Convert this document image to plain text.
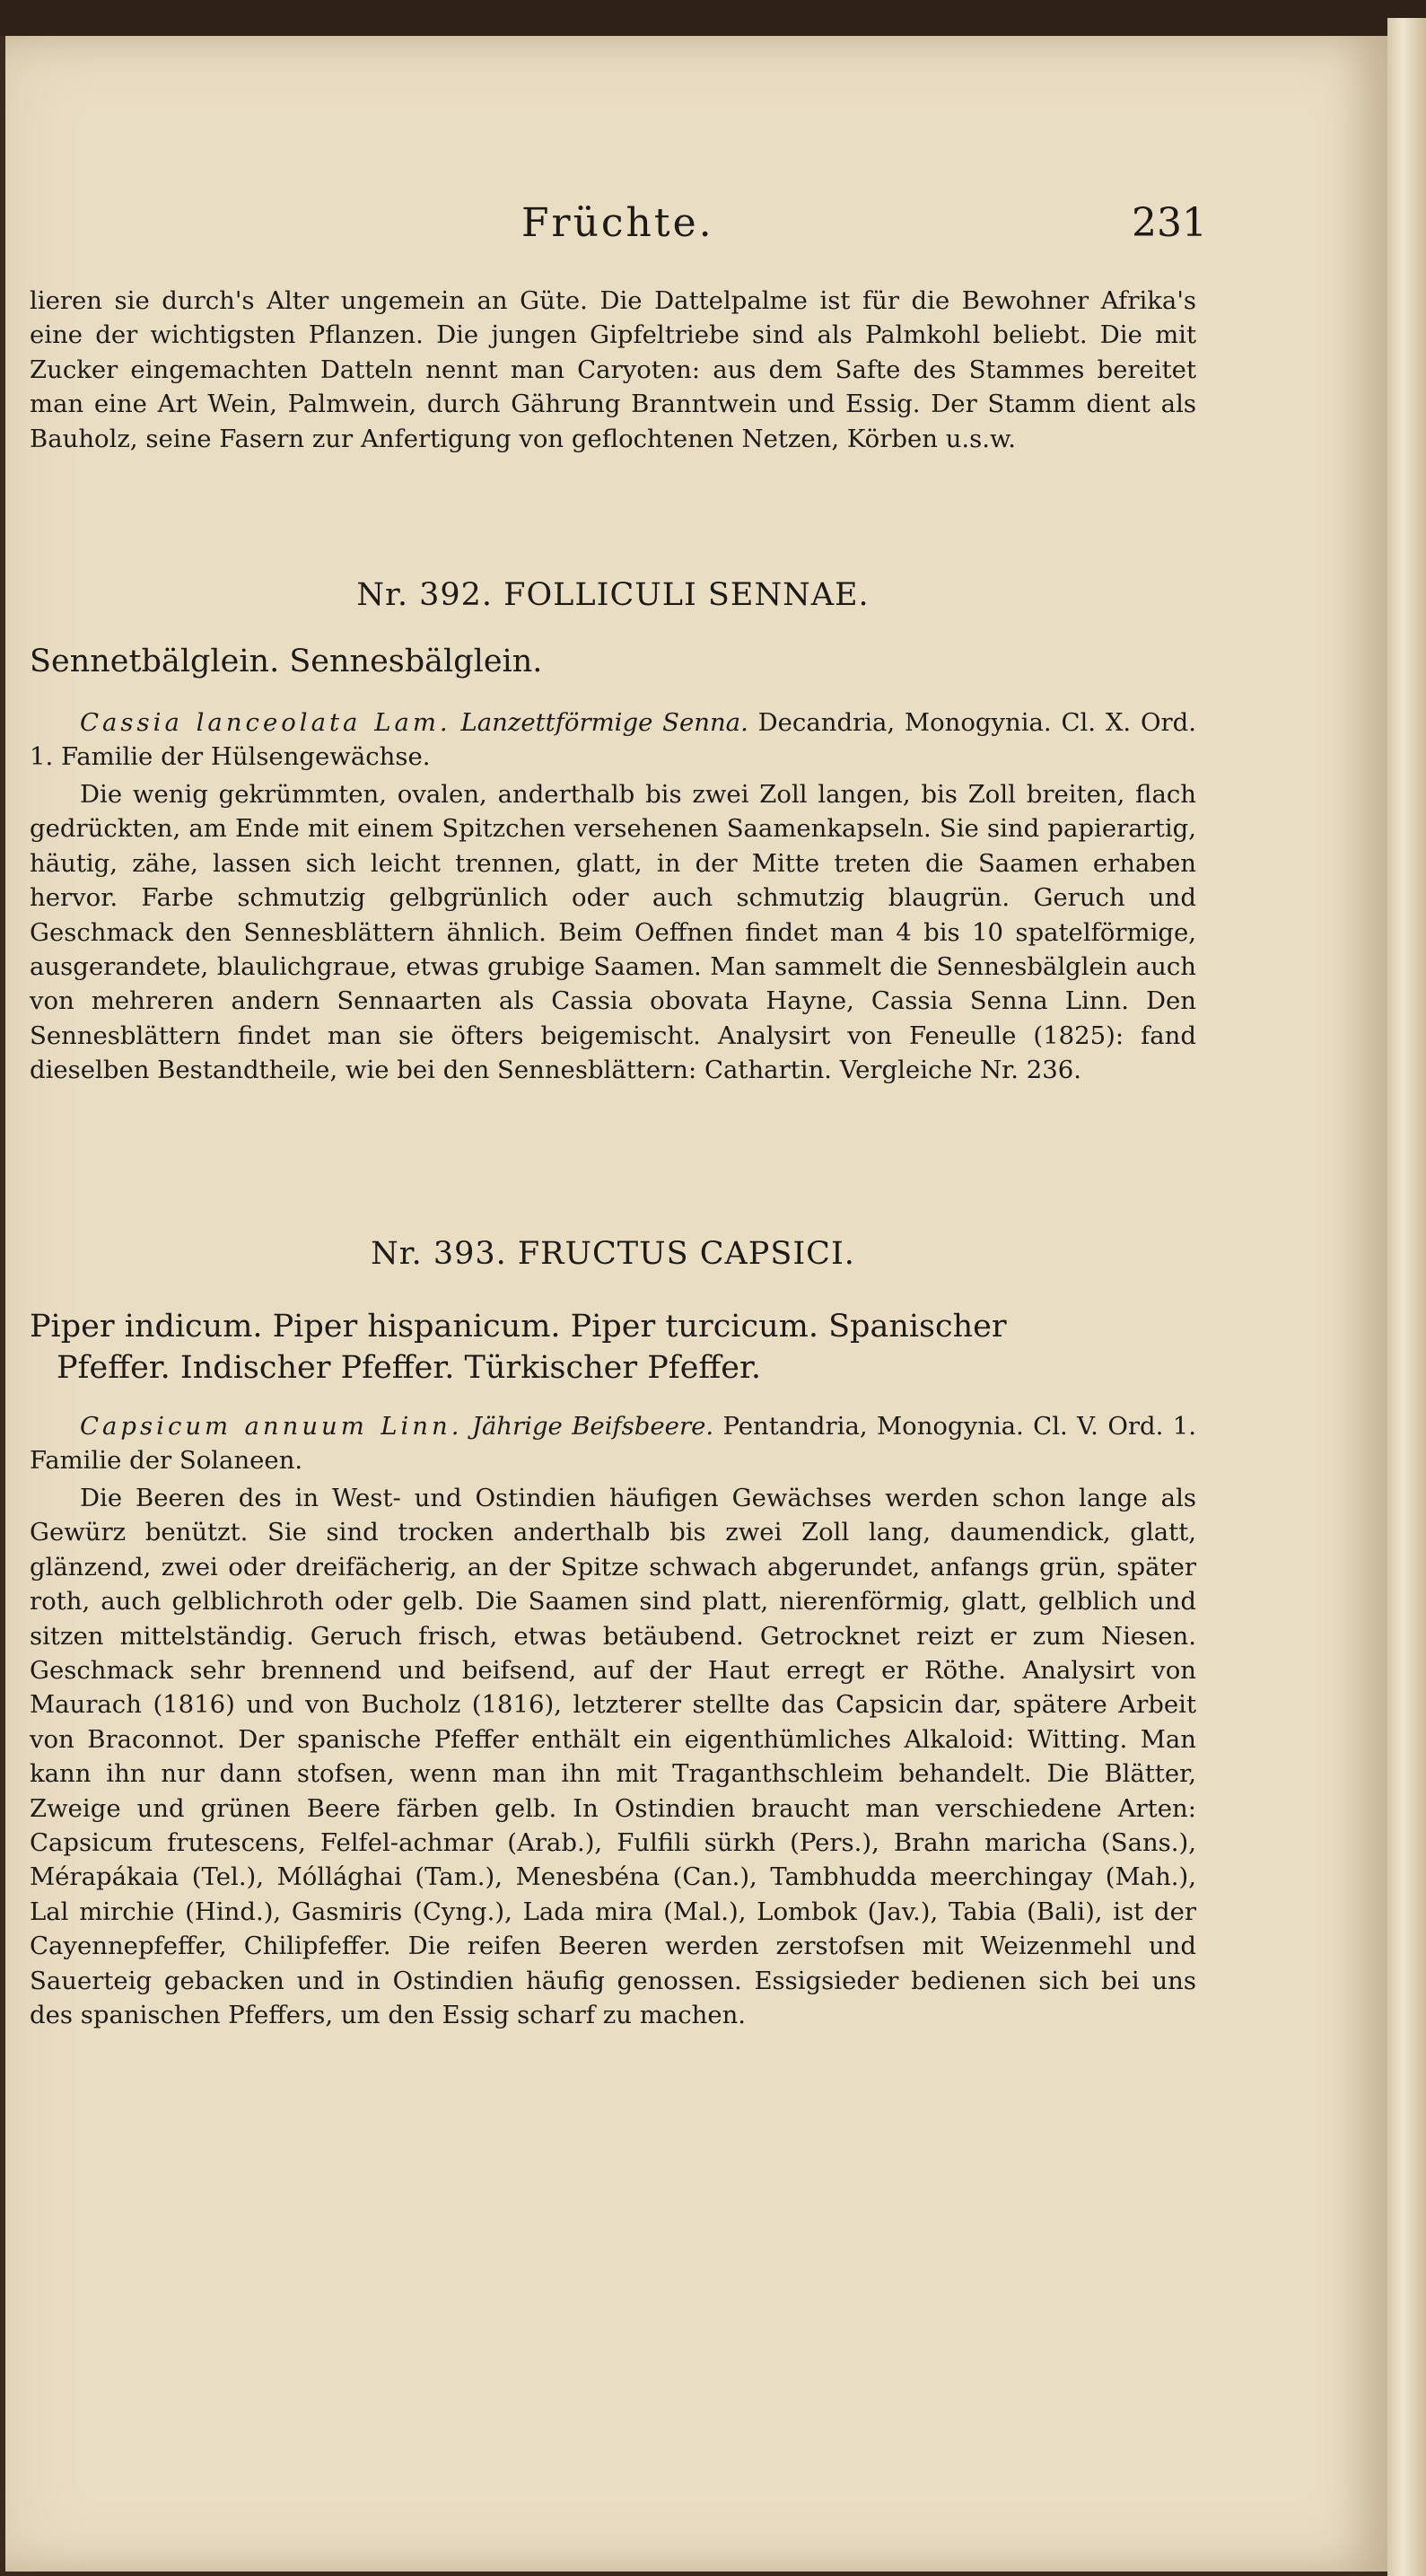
Früchte.	231

lieren sie durch's Alter ungemein an Güte. Die Dattelpalme ist für die Bewohner Afrika's eine der wichtigsten Pflanzen. Die jungen Gipfeltriebe sind als Palmkohl beliebt. Die mit Zucker eingemachten Datteln nennt man Caryoten: aus dem Safte des Stammes bereitet man eine Art Wein, Palmwein, durch Gährung Branntwein und Essig. Der Stamm dient als Bauholz, seine Fasern zur Anfertigung von geflochtenen Netzen, Körben u.s.w.

Nr. 392. FOLLICULI SENNAE.
Sennetbälglein. Sennesbälglein.

Cassia lanceolata Lam. Lanzettförmige Senna. Decandria, Monogynia. Cl. X. Ord. 1. Familie der Hülsengewächse.

Die wenig gekrümmten, ovalen, anderthalb bis zwei Zoll langen, bis Zoll breiten, flach gedrückten, am Ende mit einem Spitzchen versehenen Saamenkapseln. Sie sind papierartig, häutig, zähe, lassen sich leicht trennen, glatt, in der Mitte treten die Saamen erhaben hervor. Farbe schmutzig gelbgrünlich oder auch schmutzig blaugrün. Geruch und Geschmack den Sennesblättern ähnlich. Beim Oeffnen findet man 4 bis 10 spatelförmige, ausgerandete, blaulichgraue, etwas grubige Saamen. Man sammelt die Sennesbälglein auch von mehreren andern Sennaarten als Cassia obovata Hayne, Cassia Senna Linn. Den Sennesblättern findet man sie öfters beigemischt. Analysirt von Feneulle (1825): fand dieselben Bestandtheile, wie bei den Sennesblättern: Cathartin. Vergleiche Nr. 236.

Nr. 393. FRUCTUS CAPSICI.
Piper indicum. Piper hispanicum. Piper turcicum. Spanischer
Pfeffer. Indischer Pfeffer. Türkischer Pfeffer.

Capsicum annuum Linn. Jährige Beifsbeere. Pentandria, Monogynia. Cl. V. Ord. 1. Familie der Solaneen.

Die Beeren des in West- und Ostindien häufigen Gewächses werden schon lange als Gewürz benützt. Sie sind trocken anderthalb bis zwei Zoll lang, daumendick, glatt, glänzend, zwei oder dreifächerig, an der Spitze schwach abgerundet, anfangs grün, später roth, auch gelblichroth oder gelb. Die Saamen sind platt, nierenförmig, glatt, gelblich und sitzen mittelständig. Geruch frisch, etwas betäubend. Getrocknet reizt er zum Niesen. Geschmack sehr brennend und beifsend, auf der Haut erregt er Röthe. Analysirt von Maurach (1816) und von Bucholz (1816), letzterer stellte das Capsicin dar, spätere Arbeit von Braconnot. Der spanische Pfeffer enthält ein eigenthümliches Alkaloid: Witting. Man kann ihn nur dann stofsen, wenn man ihn mit Traganthschleim behandelt. Die Blätter, Zweige und grünen Beere färben gelb. In Ostindien braucht man verschiedene Arten: Capsicum frutescens, Felfel-achmar (Arab.), Fulfili sürkh (Pers.), Brahn maricha (Sans.), Mérapákaia (Tel.), Móllághai (Tam.), Menesbéna (Can.), Tambhudda meerchingay (Mah.), Lal mirchie (Hind.), Gasmiris (Cyng.), Lada mira (Mal.), Lombok (Jav.), Tabia (Bali), ist der Cayennepfeffer, Chilipfeffer. Die reifen Beeren werden zerstofsen mit Weizenmehl und Sauerteig gebacken und in Ostindien häufig genossen. Essigsieder bedienen sich bei uns des spanischen Pfeffers, um den Essig scharf zu machen.
